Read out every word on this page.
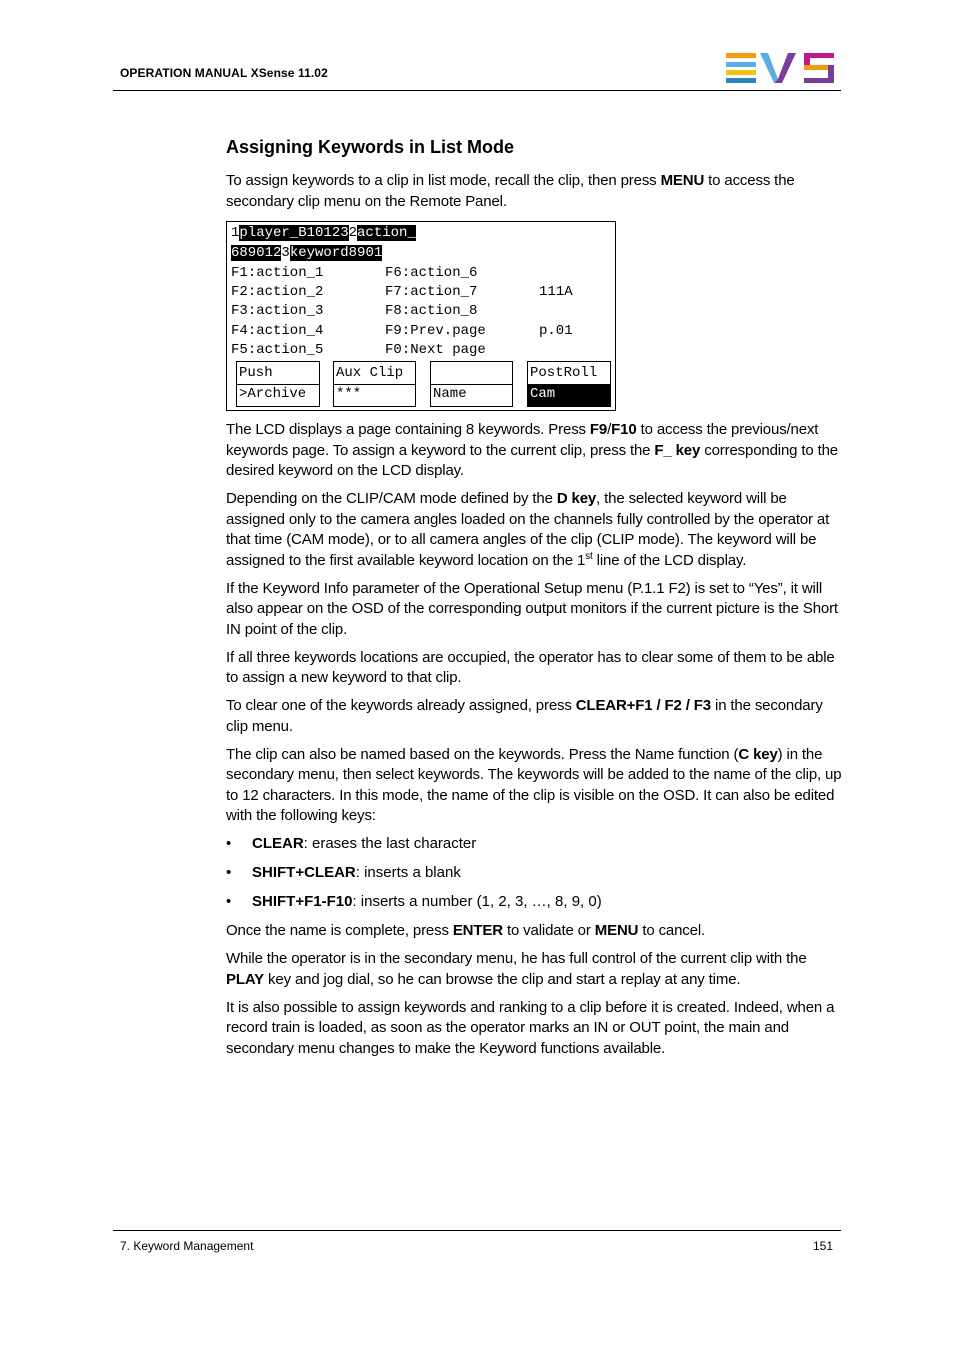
OPERATION MANUAL XSense 11.02
Assigning Keywords in List Mode

To assign keywords to a clip in list mode, recall the clip, then press MENU to access the secondary clip menu on the Remote Panel.

1player_B101232action_
6890123keyword8901
F1:action_1
F2:action_2
F3:action_3
F4:action_4
F5:action_5
F6:action_6
F7:action_7
F8:action_8
F9:Prev.page
F0:Next page
111A
p.01
Push
>Archive
Aux Clip
***	Name
PostRoll
Cam

The LCD displays a page containing 8 keywords. Press F9/F10 to access the previous/next keywords page. To assign a keyword to the current clip, press the F_ key corresponding to the desired keyword on the LCD display.

Depending on the CLIP/CAM mode defined by the D key, the selected keyword will be assigned only to the camera angles loaded on the channels fully controlled by the operator at that time (CAM mode), or to all camera angles of the clip (CLIP mode). The keyword will be assigned to the first available keyword location on the 1st line of the LCD display.

If the Keyword Info parameter of the Operational Setup menu (P.1.1 F2) is set to “Yes”, it will also appear on the OSD of the corresponding output monitors if the current picture is the Short IN point of the clip.

If all three keywords locations are occupied, the operator has to clear some of them to be able to assign a new keyword to that clip.

To clear one of the keywords already assigned, press CLEAR+F1 / F2 / F3 in the secondary clip menu.

The clip can also be named based on the keywords. Press the Name function (C key) in the secondary menu, then select keywords. The keywords will be added to the name of the clip, up to 12 characters. In this mode, the name of the clip is visible on the OSD. It can also be edited with the following keys:

• CLEAR: erases the last character
• SHIFT+CLEAR: inserts a blank
• SHIFT+F1-F10: inserts a number (1, 2, 3, …, 8, 9, 0)

Once the name is complete, press ENTER to validate or MENU to cancel.

While the operator is in the secondary menu, he has full control of the current clip with the PLAY key and jog dial, so he can browse the clip and start a replay at any time.

It is also possible to assign keywords and ranking to a clip before it is created. Indeed, when a record train is loaded, as soon as the operator marks an IN or OUT point, the main and secondary menu changes to make the Keyword functions available.

7. Keyword Management	151
